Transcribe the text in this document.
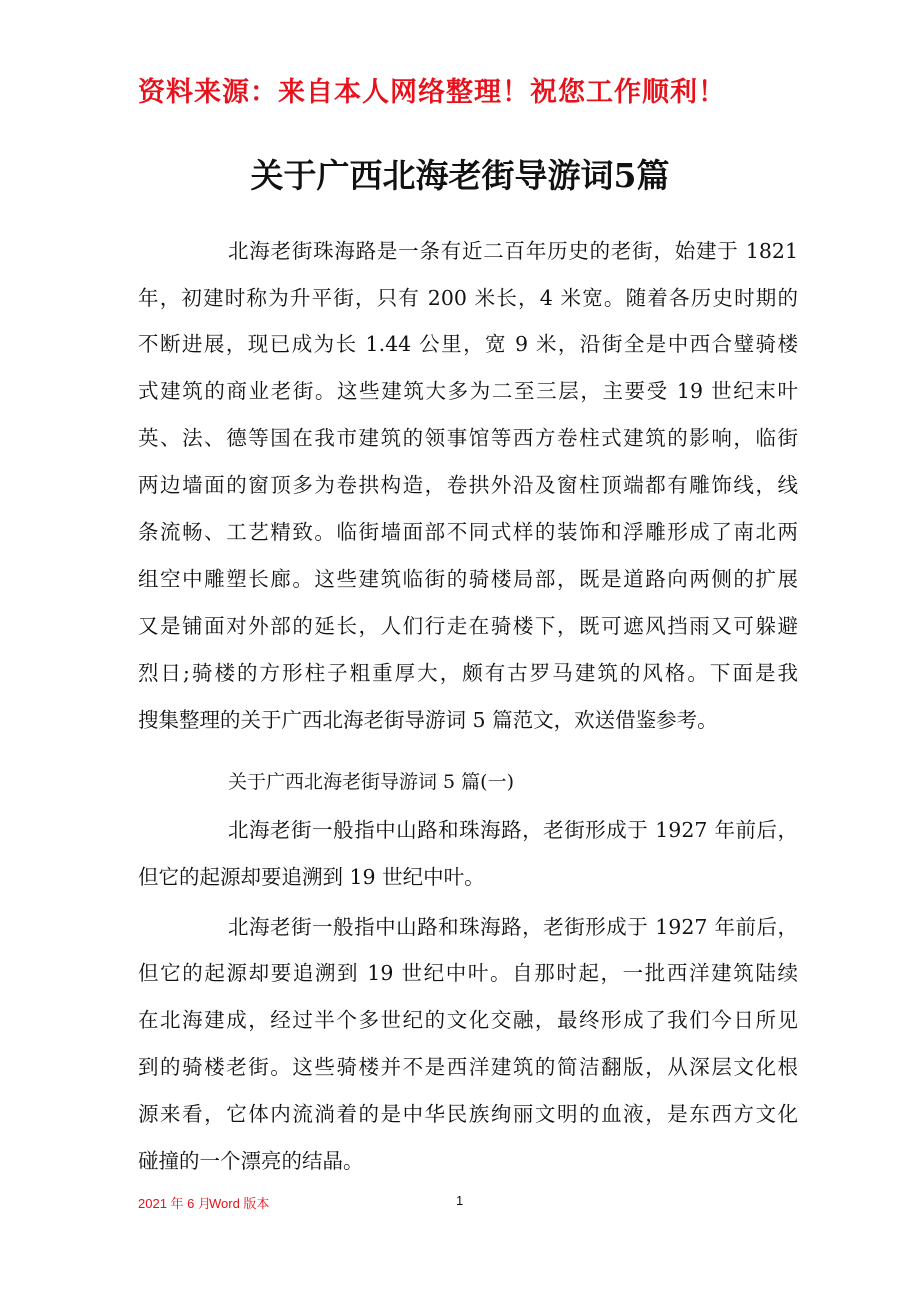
资料来源：来自本人网络整理！祝您工作顺利！
关于广西北海老街导游词5篇
北海老街珠海路是一条有近二百年历史的老街，始建于 1821
年，初建时称为升平街，只有 200 米长，4 米宽。随着各历史时期的
不断进展，现已成为长 1.44 公里，宽 9 米，沿街全是中西合璧骑楼
式建筑的商业老街。这些建筑大多为二至三层，主要受 19 世纪末叶
英、法、德等国在我市建筑的领事馆等西方卷柱式建筑的影响，临街
两边墙面的窗顶多为卷拱构造，卷拱外沿及窗柱顶端都有雕饰线，线
条流畅、工艺精致。临街墙面部不同式样的装饰和浮雕形成了南北两
组空中雕塑长廊。这些建筑临街的骑楼局部，既是道路向两侧的扩展
又是铺面对外部的延长，人们行走在骑楼下，既可遮风挡雨又可躲避
烈日;骑楼的方形柱子粗重厚大，颇有古罗马建筑的风格。下面是我
搜集整理的关于广西北海老街导游词 5 篇范文，欢送借鉴参考。
关于广西北海老街导游词 5 篇(一)
北海老街一般指中山路和珠海路，老街形成于 1927 年前后，
但它的起源却要追溯到 19 世纪中叶。
北海老街一般指中山路和珠海路，老街形成于 1927 年前后，
但它的起源却要追溯到 19 世纪中叶。自那时起，一批西洋建筑陆续
在北海建成，经过半个多世纪的文化交融，最终形成了我们今日所见
到的骑楼老街。这些骑楼并不是西洋建筑的简洁翻版，从深层文化根
源来看，它体内流淌着的是中华民族绚丽文明的血液，是东西方文化
碰撞的一个漂亮的结晶。
2021 年 6 月
Word 版本	1
